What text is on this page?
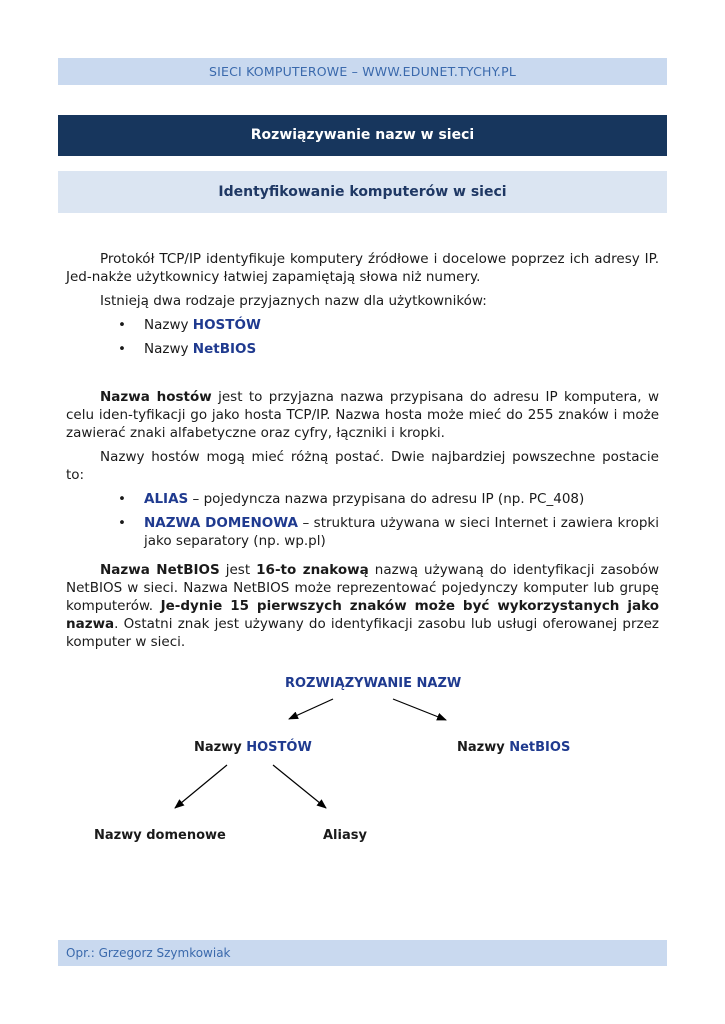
SIECI KOMPUTEROWE – WWW.EDUNET.TYCHY.PL
Rozwiązywanie nazw w sieci
Identyfikowanie komputerów w sieci

Protokół TCP/IP identyfikuje komputery źródłowe i docelowe poprzez ich adresy IP. Jed-nakże użytkownicy łatwiej zapamiętają słowa niż numery.

Istnieją dwa rodzaje przyjaznych nazw dla użytkowników:

• Nazwy HOSTÓW
• Nazwy NetBIOS

Nazwa hostów jest to przyjazna nazwa przypisana do adresu IP komputera, w celu iden-tyfikacji go jako hosta TCP/IP. Nazwa hosta może mieć do 255 znaków i może zawierać znaki alfabetyczne oraz cyfry, łączniki i kropki.

Nazwy hostów mogą mieć różną postać. Dwie najbardziej powszechne postacie to:

• ALIAS – pojedyncza nazwa przypisana do adresu IP (np. PC_408)
• NAZWA DOMENOWA – struktura używana w sieci Internet i zawiera kropki jako separatory (np. wp.pl)

Nazwa NetBIOS jest 16-to znakową nazwą używaną do identyfikacji zasobów NetBIOS w sieci. Nazwa NetBIOS może reprezentować pojedynczy komputer lub grupę komputerów. Je-dynie 15 pierwszych znaków może być wykorzystanych jako nazwa. Ostatni znak jest używany do identyfikacji zasobu lub usługi oferowanej przez komputer w sieci.

ROZWIĄZYWANIE NAZW
Nazwy HOSTÓW	Nazwy NetBIOS
Nazwy domenowe	Aliasy
Opr.: Grzegorz Szymkowiak
